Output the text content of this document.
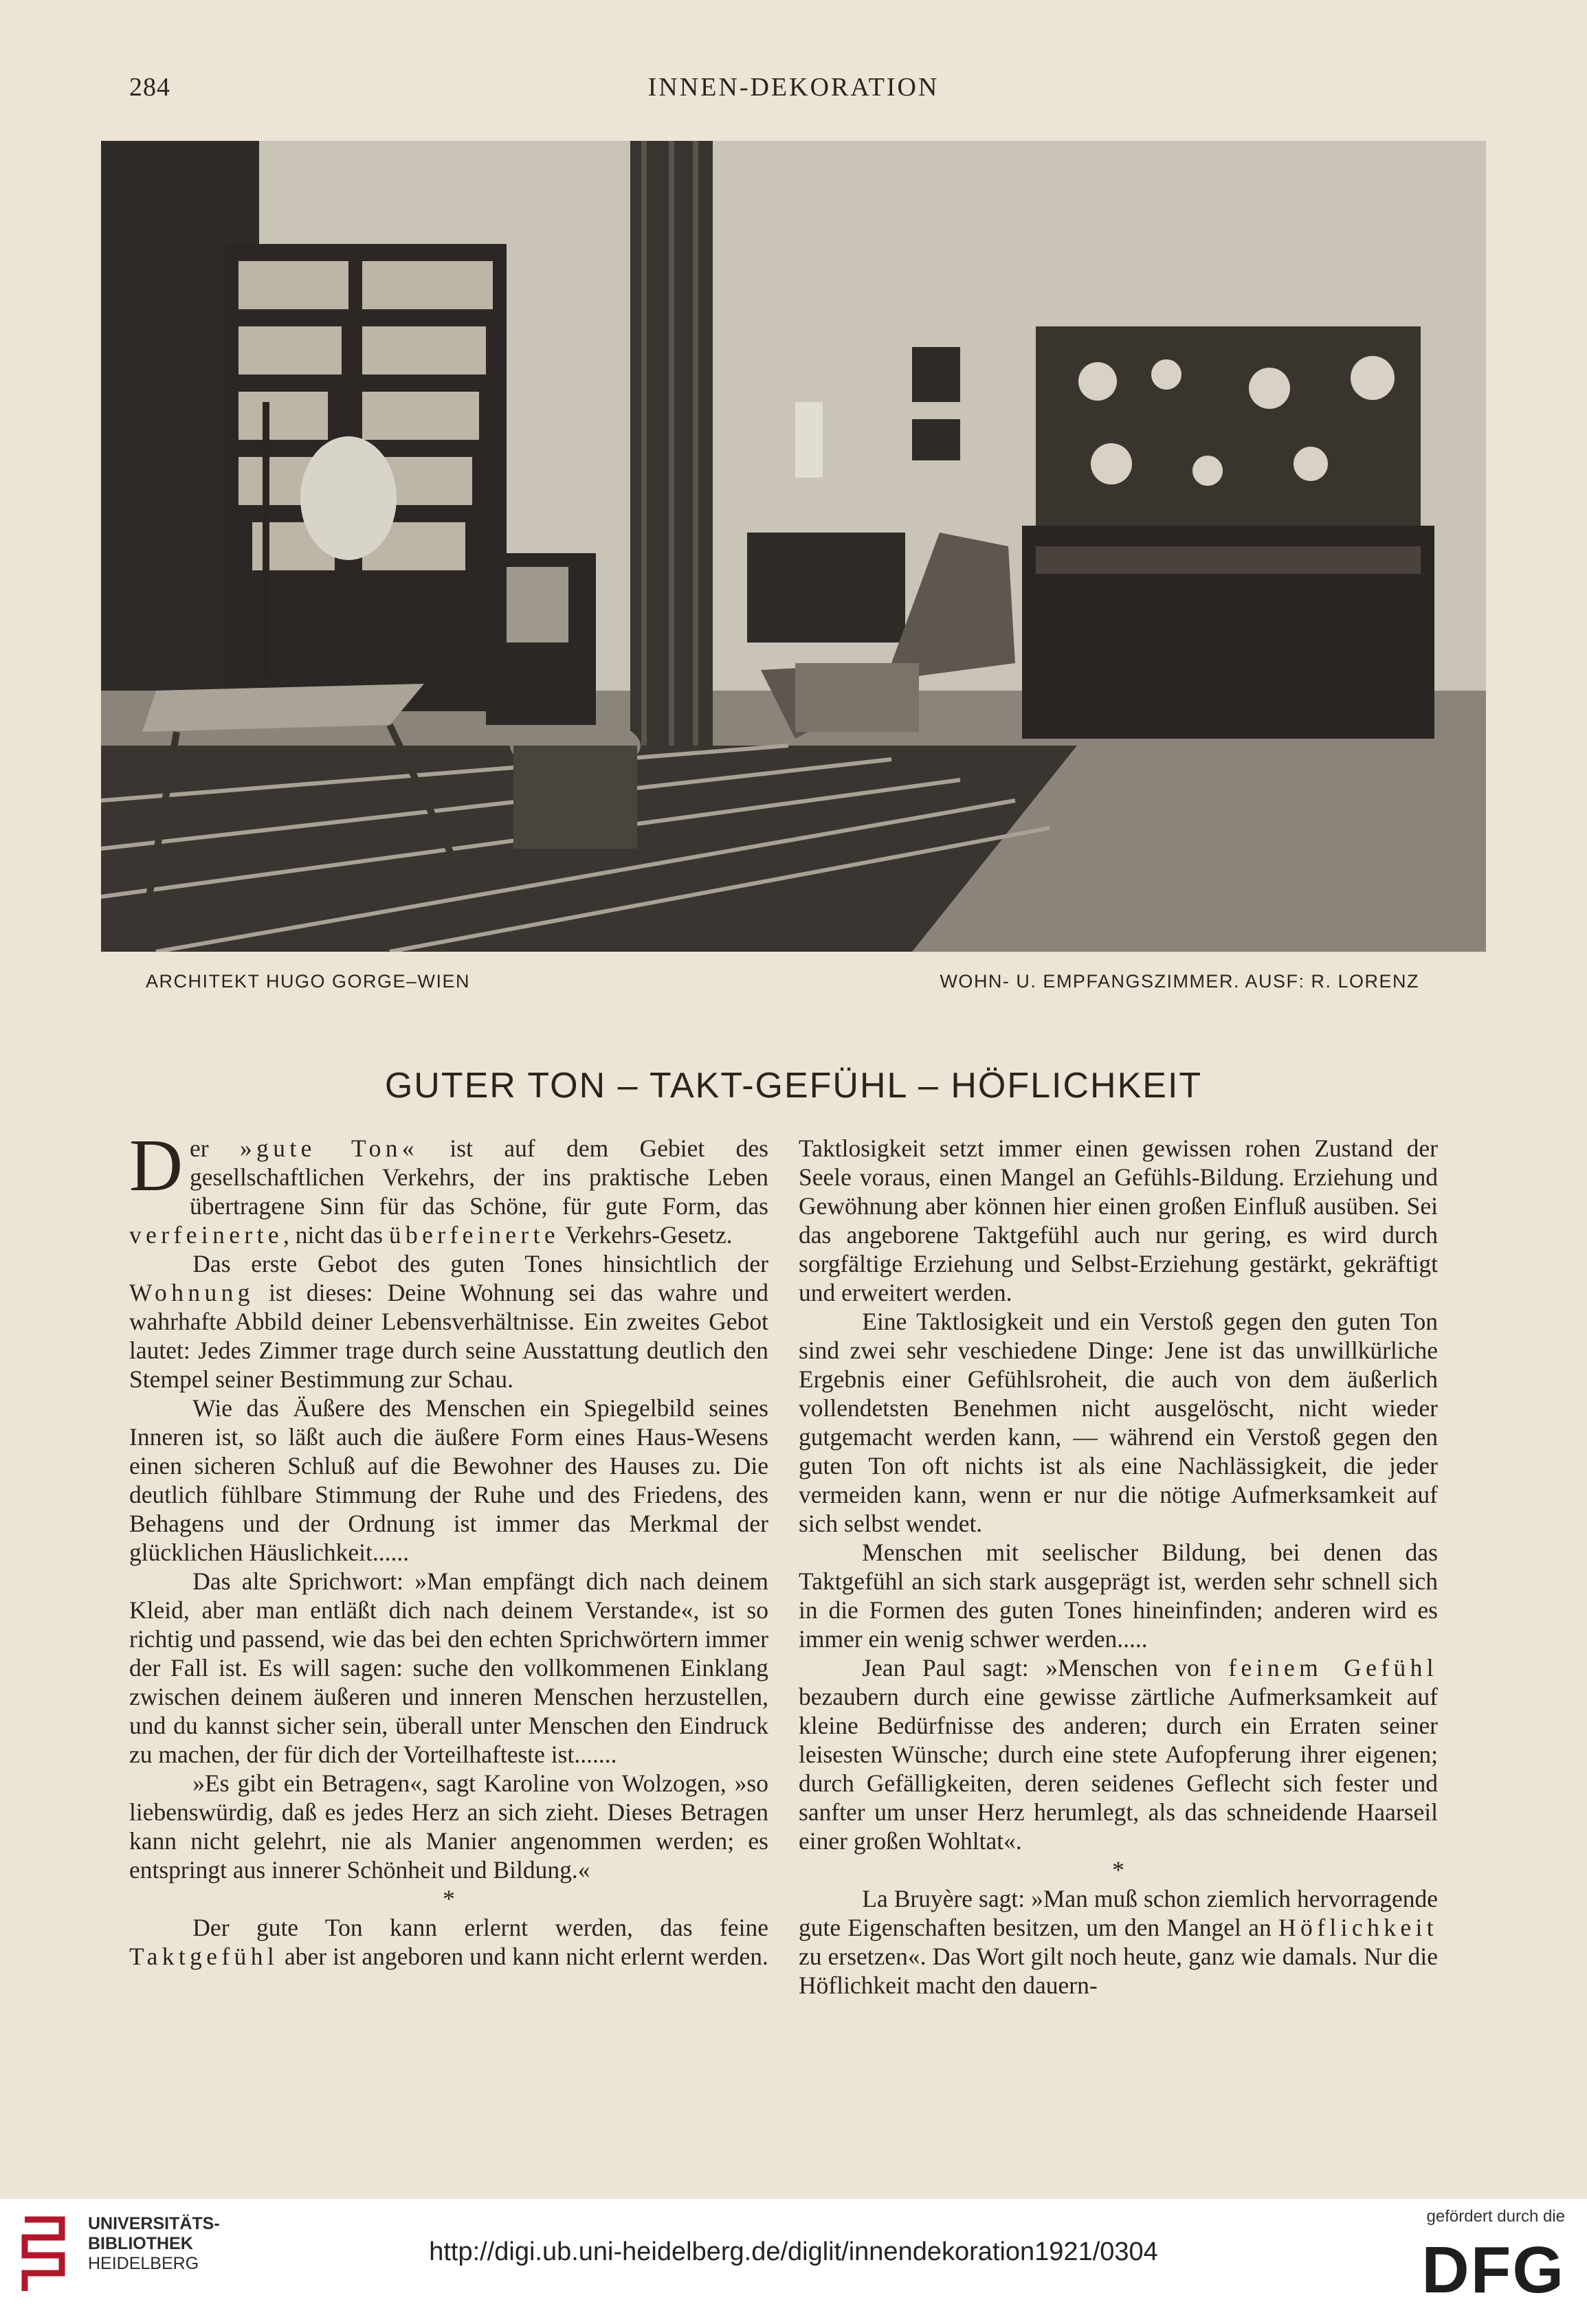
284	INNEN-DEKORATION
ARCHITEKT HUGO GORGE–WIEN	WOHN- U. EMPFANGSZIMMER. AUSF: R. LORENZ
GUTER TON – TAKT-GEFÜHL – HÖFLICHKEIT

Der »gute Ton« ist auf dem Gebiet des gesellschaftlichen Verkehrs, der ins praktische Leben übertragene Sinn für das Schöne, für gute Form, das verfeinerte, nicht das überfeinerte Verkehrs-Gesetz.

Das erste Gebot des guten Tones hinsichtlich der Wohnung ist dieses: Deine Wohnung sei das wahre und wahrhafte Abbild deiner Lebensverhältnisse. Ein zweites Gebot lautet: Jedes Zimmer trage durch seine Ausstattung deutlich den Stempel seiner Bestimmung zur Schau.

Wie das Äußere des Menschen ein Spiegelbild seines Inneren ist, so läßt auch die äußere Form eines Haus-Wesens einen sicheren Schluß auf die Bewohner des Hauses zu. Die deutlich fühlbare Stimmung der Ruhe und des Friedens, des Behagens und der Ordnung ist immer das Merkmal der glücklichen Häuslichkeit......

Das alte Sprichwort: »Man empfängt dich nach deinem Kleid, aber man entläßt dich nach deinem Verstande«, ist so richtig und passend, wie das bei den echten Sprichwörtern immer der Fall ist. Es will sagen: suche den vollkommenen Einklang zwischen deinem äußeren und inneren Menschen herzustellen, und du kannst sicher sein, überall unter Menschen den Eindruck zu machen, der für dich der Vorteilhafteste ist.......

»Es gibt ein Betragen«, sagt Karoline von Wolzogen, »so liebenswürdig, daß es jedes Herz an sich zieht. Dieses Betragen kann nicht gelehrt, nie als Manier angenommen werden; es entspringt aus innerer Schönheit und Bildung.«

*

Der gute Ton kann erlernt werden, das feine Taktgefühl aber ist angeboren und kann nicht erlernt werden.

Taktlosigkeit setzt immer einen gewissen rohen Zustand der Seele voraus, einen Mangel an Gefühls-Bildung. Erziehung und Gewöhnung aber können hier einen großen Einfluß ausüben. Sei das angeborene Taktgefühl auch nur gering, es wird durch sorgfältige Erziehung und Selbst-Erziehung gestärkt, gekräftigt und erweitert werden.

Eine Taktlosigkeit und ein Verstoß gegen den guten Ton sind zwei sehr veschiedene Dinge: Jene ist das unwillkürliche Ergebnis einer Gefühlsroheit, die auch von dem äußerlich vollendetsten Benehmen nicht ausgelöscht, nicht wieder gutgemacht werden kann, — während ein Verstoß gegen den guten Ton oft nichts ist als eine Nachlässigkeit, die jeder vermeiden kann, wenn er nur die nötige Aufmerksamkeit auf sich selbst wendet.

Menschen mit seelischer Bildung, bei denen das Taktgefühl an sich stark ausgeprägt ist, werden sehr schnell sich in die Formen des guten Tones hineinfinden; anderen wird es immer ein wenig schwer werden.....

Jean Paul sagt: »Menschen von feinem Gefühl bezaubern durch eine gewisse zärtliche Aufmerksamkeit auf kleine Bedürfnisse des anderen; durch ein Erraten seiner leisesten Wünsche; durch eine stete Aufopferung ihrer eigenen; durch Gefälligkeiten, deren seidenes Geflecht sich fester und sanfter um unser Herz herumlegt, als das schneidende Haarseil einer großen Wohltat«.

*

La Bruyère sagt: »Man muß schon ziemlich hervorragende gute Eigenschaften besitzen, um den Mangel an Höflichkeit zu ersetzen«. Das Wort gilt noch heute, ganz wie damals. Nur die Höflichkeit macht den dauern-

UNIVERSITÄTS-
BIBLIOTHEK
HEIDELBERG	http://digi.ub.uni-heidelberg.de/diglit/innendekoration1921/0304
gefördert durch die
DFG
